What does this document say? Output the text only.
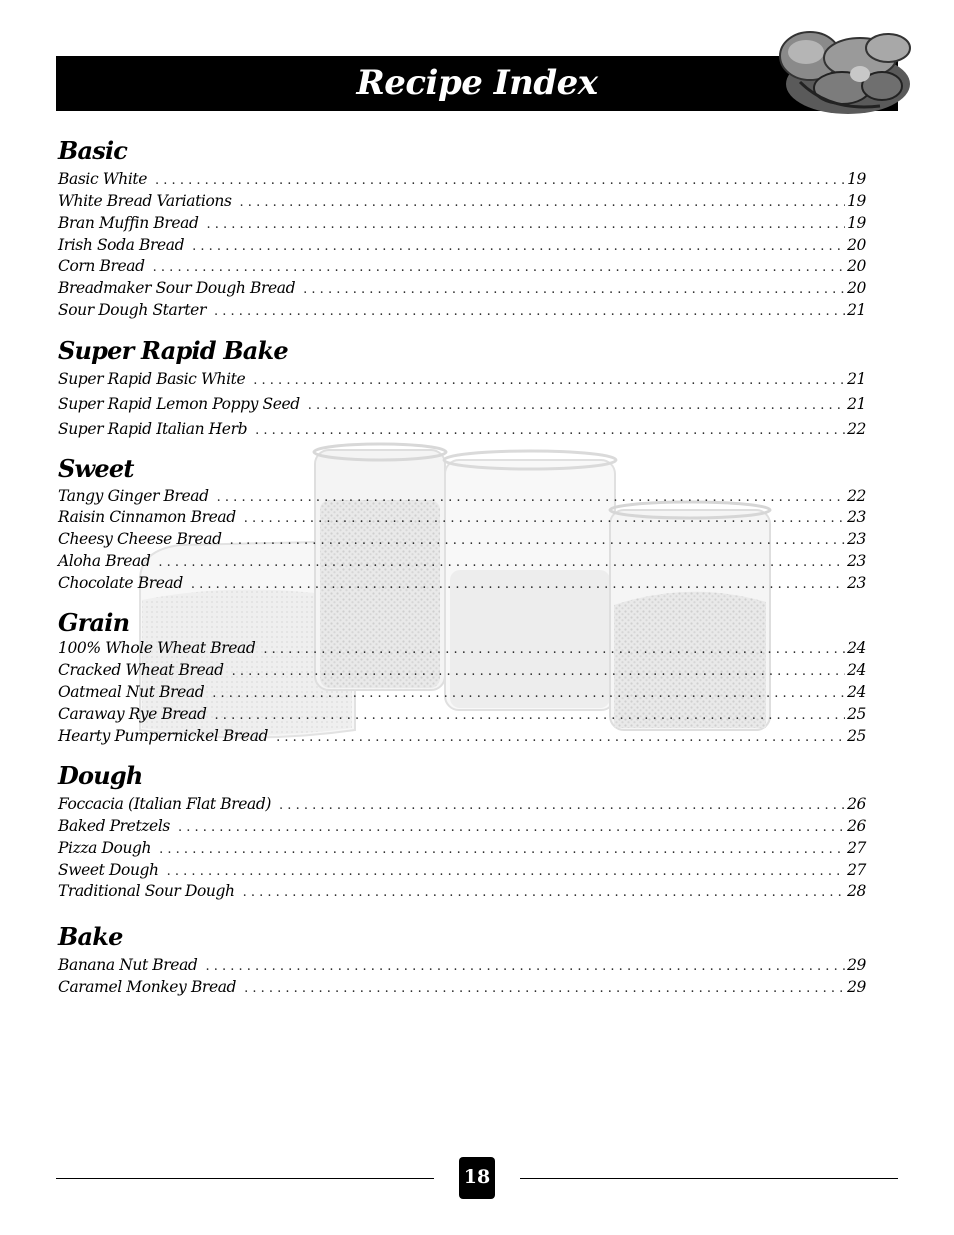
Recipe Index
Basic
Basic White . . .	19
White Bread Variations . . .	19
Bran Muffin Bread . . .	19
Irish Soda Bread . . .	20
Corn Bread . . .	20
Breadmaker Sour Dough Bread . . .	20
Sour Dough Starter . . .	21
Super Rapid Bake
Super Rapid Basic White . . .	21
Super Rapid Lemon Poppy Seed . . .	21
Super Rapid Italian Herb . . .	22
Sweet
Tangy Ginger Bread . . .	22
Raisin Cinnamon Bread . . .	23
Cheesy Cheese Bread . . .	23
Aloha Bread . . .	23
Chocolate Bread . . .	23
Grain
100% Whole Wheat Bread . . .	24
Cracked Wheat Bread . . .	24
Oatmeal Nut Bread . . .	24
Caraway Rye Bread . . .	25
Hearty Pumpernickel Bread . . .	25
Dough
Foccacia (Italian Flat Bread) . . .	26
Baked Pretzels . . .	26
Pizza Dough . . .	27
Sweet Dough . . .	27
Traditional Sour Dough . . .	28
Bake
Banana Nut Bread . . .	29
Caramel Monkey Bread . . .	29
18
